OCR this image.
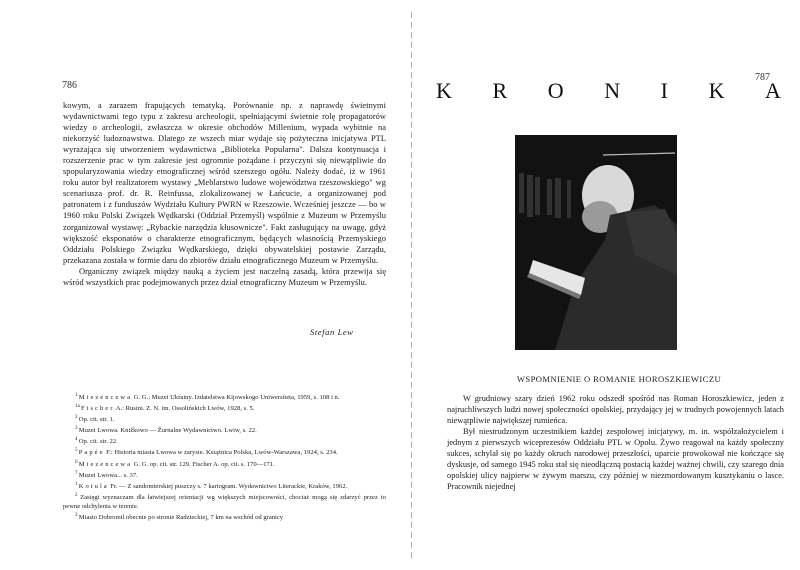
786

kowym, a zarazem frapujących tematyką. Porównanie np. z naprawdę świetnymi wydawnictwami tego typu z zakresu archeologii, spełniającymi świetnie rolę propagatorów wiedzy o archeologii, zwłaszcza w okresie obchodów Millenium, wypada wybitnie na niekorzyść ludoznawstwa. Dlatego ze wszech miar wydaje się pożyteczna inicjatywa PTL wyrażająca się utworzeniem wydawnictwa „Biblioteka Popularna". Dalsza kontynuacja i rozszerzenie prac w tym zakresie jest ogromnie pożądane i przyczyni się niewątpliwie do spopularyzowania wiedzy etnograficznej wśród szerszego ogółu. Należy dodać, iż w 1961 roku autor był realizatorem wystawy „Meblarstwo ludowe województwa rzeszowskiego" wg scenariusza prof. dr. R. Reinfussa, zlokalizowanej w Łańcucie, a organizowanej pod patronatem i z funduszów Wydziału Kultury PWRN w Rzeszowie. Wcześniej jeszcze — bo w 1960 roku Polski Związek Wędkarski (Oddział Przemyśl) wspólnie z Muzeum w Przemyślu zorganizował wystawę: „Rybackie narzędzia kłusownicze". Fakt zasługujący na uwagę, gdyż większość eksponatów o charakterze etnograficznym, będących własnością Przemyskiego Oddziału Polskiego Związku Wędkarskiego, dzięki obywatelskiej postawie Zarządu, przekazana została w formie daru do zbiorów działu etnograficznego Muzeum w Przemyślu.

Organiczny związek między nauką a życiem jest naczelną zasadą, która przewija się wśród wszystkich prac podejmowanych przez dział etnograficzny Muzeum w Przemyślu.

Stefan Lew

$^1$ Miezencewa G. G.: Muzei Ukrainy. Izdatelstwa Kijowskogo Uniwersiteta, 1959, s. 108 i n.

$^{1a}$ Fischer A.: Rusini. Z. N. im. Ossolińskich Lwów, 1928, s. 5.

$^2$ Op. cit. str. 1.

$^3$ Muzei Lwowa. Knižkowo — Žurnalne Wydawnictwo. Lwiw, s. 22.

$^4$ Op. cit. str. 22.

$^5$ Papée F.: Historia miasta Lwowa w zarysie. Książnica Polska, Lwów-Warszawa, 1924, s. 234.

$^6$ Miezencewa G. G. op. cit. str. 129. Fischer A. op. cit. s. 170—171.

$^7$ Muzei Lwowa... s. 37.

$^1$ Kotula Fr. — Z sandomierskiej puszczy s. 7 kartogram. Wydawnictwo Literackie, Kraków, 1962.

$^2$ Zasięgi wyznaczam dla łatwiejszej orientacji wg większych miejscowości, chociaż mogą się zdarzyć przez to pewne odchylenia w terenie.

$^3$ Miasto Dobromil obecnie po stronie Radzieckiej, 7 km na wschód od granicy

787
K R O N I K A
WSPOMNIENIE O ROMANIE HOROSZKIEWICZU

W grudniowy szary dzień 1962 roku odszedł spośród nas Roman Horoszkiewicz, jeden z najruchliwszych ludzi nowej społeczności opolskiej, przydający jej w trudnych powojennych latach niewątpliwie największej rumieńca.

Był niestrudzonym uczestnikiem każdej zespołowej inicjatywy, m. in. współzałożycielem i jednym z pierwszych wiceprezesów Oddziału PTL w Opolu. Żywo reagował na każdy społeczny sukces, schylał się po każdy okruch narodowej przeszłości, uparcie prowokował nie kończące się dyskusje, od samego 1945 roku stał się nieodłączną postacią każdej ważnej chwili, czy szarego dnia opolskiej ulicy najpierw w żywym marszu, czy później w niezmordowanym kusztykaniu o lasce. Pracownik niejednej
